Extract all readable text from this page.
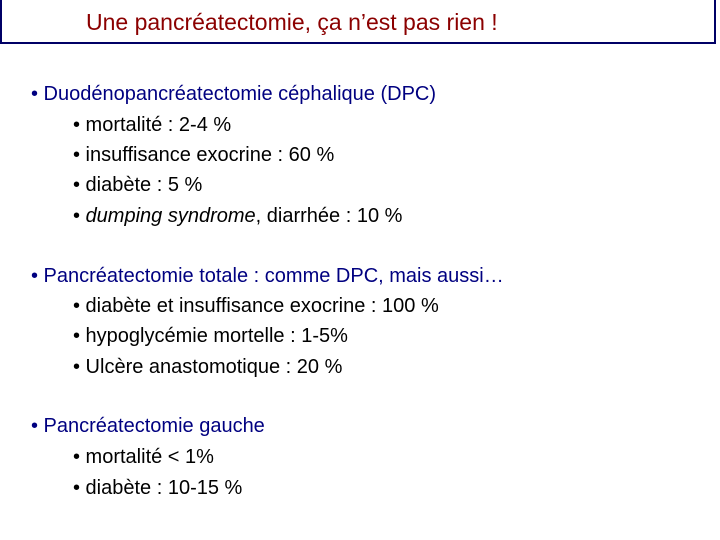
Une pancréatectomie, ça n’est pas rien !
• Duodénopancréatectomie céphalique (DPC)
• mortalité : 2-4 %
• insuffisance exocrine : 60 %
• diabète : 5 %
• dumping syndrome, diarrhée : 10 %
• Pancréatectomie totale : comme DPC, mais aussi…
• diabète et insuffisance exocrine : 100 %
• hypoglycémie mortelle : 1-5%
• Ulcère anastomotique : 20 %
• Pancréatectomie gauche
• mortalité < 1%
• diabète : 10-15 %
